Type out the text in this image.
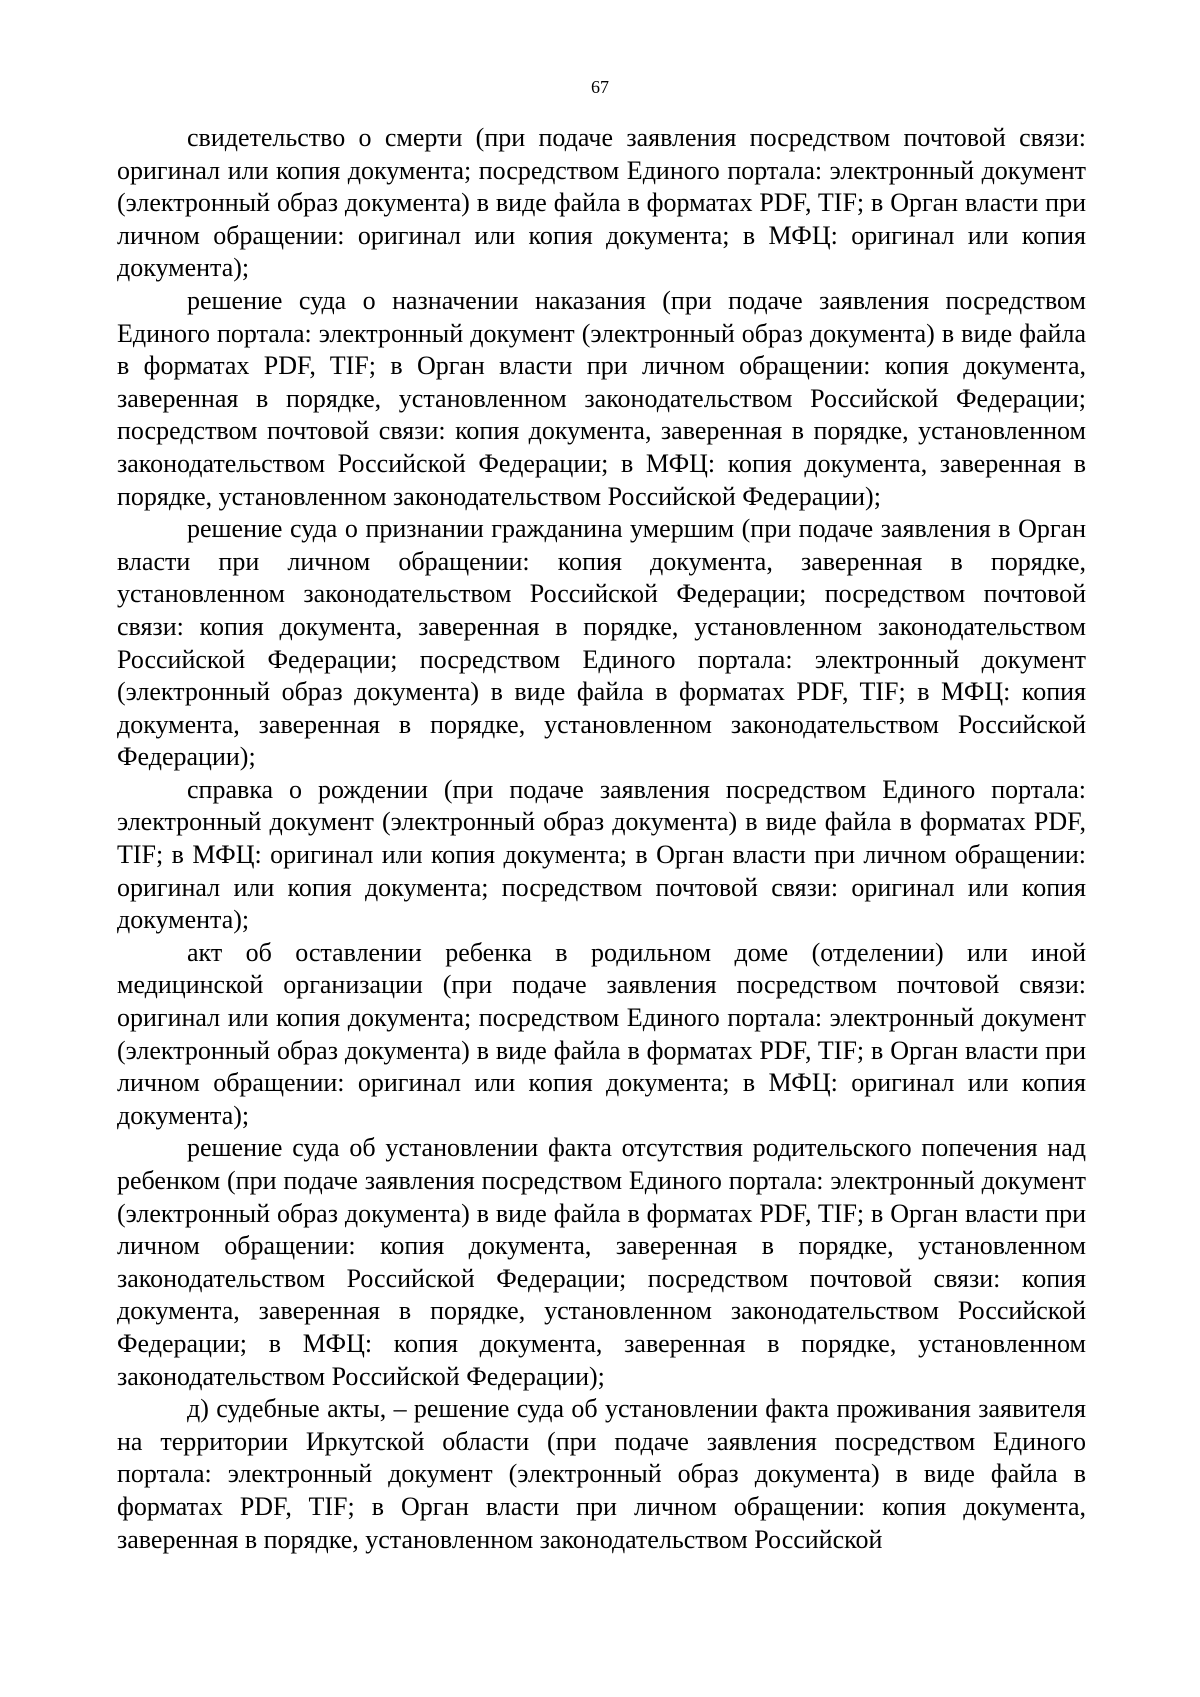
67

свидетельство о смерти (при подаче заявления посредством почтовой связи: оригинал или копия документа; посредством Единого портала: электронный документ (электронный образ документа) в виде файла в форматах PDF, TIF; в Орган власти при личном обращении: оригинал или копия документа; в МФЦ: оригинал или копия документа);

решение суда о назначении наказания (при подаче заявления посредством Единого портала: электронный документ (электронный образ документа) в виде файла в форматах PDF, TIF; в Орган власти при личном обращении: копия документа, заверенная в порядке, установленном законодательством Российской Федерации; посредством почтовой связи: копия документа, заверенная в порядке, установленном законодательством Российской Федерации; в МФЦ: копия документа, заверенная в порядке, установленном законодательством Российской Федерации);

решение суда о признании гражданина умершим (при подаче заявления в Орган власти при личном обращении: копия документа, заверенная в порядке, установленном законодательством Российской Федерации; посредством почтовой связи: копия документа, заверенная в порядке, установленном законодательством Российской Федерации; посредством Единого портала: электронный документ (электронный образ документа) в виде файла в форматах PDF, TIF; в МФЦ: копия документа, заверенная в порядке, установленном законодательством Российской Федерации);

справка о рождении (при подаче заявления посредством Единого портала: электронный документ (электронный образ документа) в виде файла в форматах PDF, TIF; в МФЦ: оригинал или копия документа; в Орган власти при личном обращении: оригинал или копия документа; посредством почтовой связи: оригинал или копия документа);

акт об оставлении ребенка в родильном доме (отделении) или иной медицинской организации (при подаче заявления посредством почтовой связи: оригинал или копия документа; посредством Единого портала: электронный документ (электронный образ документа) в виде файла в форматах PDF, TIF; в Орган власти при личном обращении: оригинал или копия документа; в МФЦ: оригинал или копия документа);

решение суда об установлении факта отсутствия родительского попечения над ребенком (при подаче заявления посредством Единого портала: электронный документ (электронный образ документа) в виде файла в форматах PDF, TIF; в Орган власти при личном обращении: копия документа, заверенная в порядке, установленном законодательством Российской Федерации; посредством почтовой связи: копия документа, заверенная в порядке, установленном законодательством Российской Федерации; в МФЦ: копия документа, заверенная в порядке, установленном законодательством Российской Федерации);

д) судебные акты, – решение суда об установлении факта проживания заявителя на территории Иркутской области (при подаче заявления посредством Единого портала: электронный документ (электронный образ документа) в виде файла в форматах PDF, TIF; в Орган власти при личном обращении: копия документа, заверенная в порядке, установленном законодательством Российской
